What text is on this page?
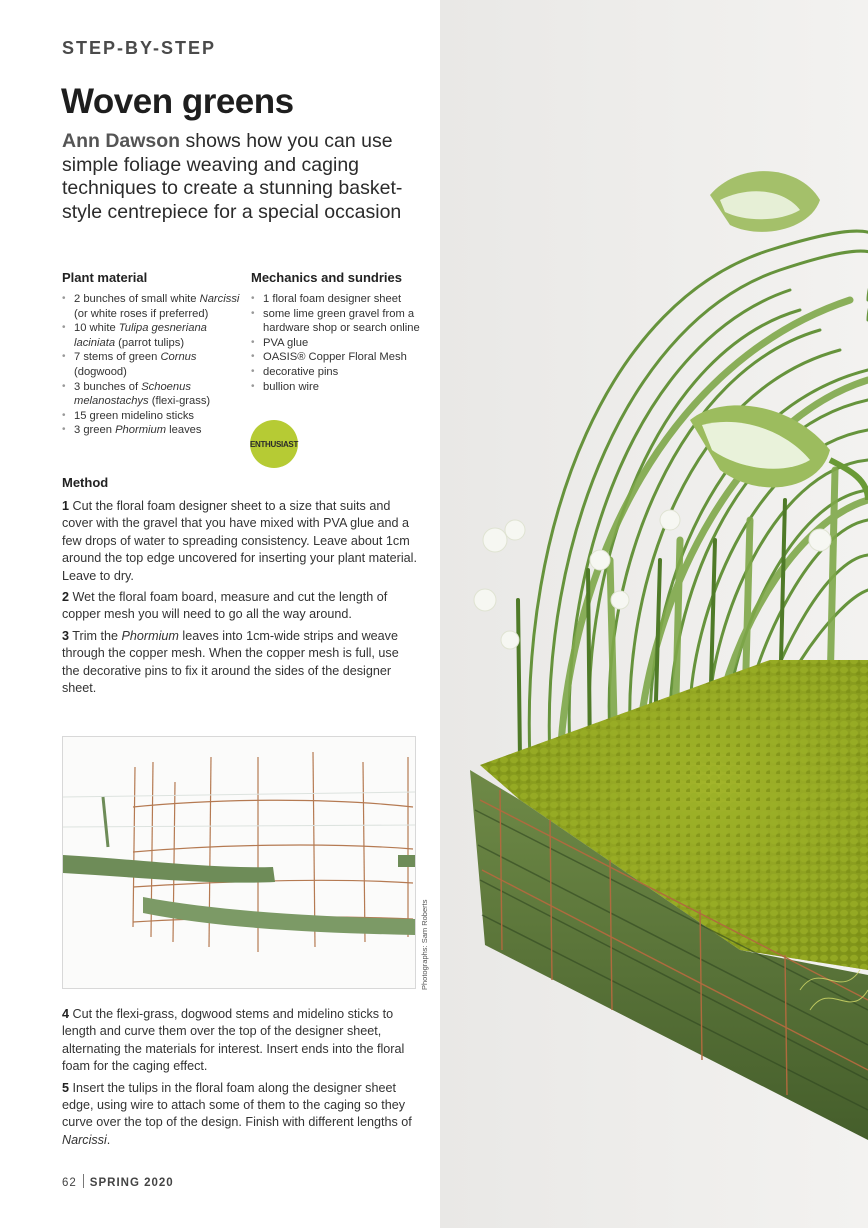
STEP-BY-STEP
Woven greens

Ann Dawson shows how you can use simple foliage weaving and caging techniques to create a stunning basket-style centrepiece for a special occasion

Plant material
• 2 bunches of small white Narcissi (or white roses if preferred)
• 10 white Tulipa gesneriana laciniata (parrot tulips)
• 7 stems of green Cornus (dogwood)
• 3 bunches of Schoenus melanostachys (flexi-grass)
• 15 green midelino sticks
• 3 green Phormium leaves
Mechanics and sundries
• 1 floral foam designer sheet
• some lime green gravel from a hardware shop or search online
• PVA glue
• OASIS® Copper Floral Mesh
• decorative pins
• bullion wire
ENTHUSIAST
Method

1 Cut the floral foam designer sheet to a size that suits and cover with the gravel that you have mixed with PVA glue and a few drops of water to spreading consistency. Leave about 1cm around the top edge uncovered for inserting your plant material. Leave to dry.

2 Wet the floral foam board, measure and cut the length of copper mesh you will need to go all the way around.

3 Trim the Phormium leaves into 1cm-wide strips and weave through the copper mesh. When the copper mesh is full, use the decorative pins to fix it around the sides of the designer sheet.

Photographs: Sam Roberts

4 Cut the flexi-grass, dogwood stems and midelino sticks to length and curve them over the top of the designer sheet, alternating the materials for interest. Insert ends into the floral foam for the caging effect.

5 Insert the tulips in the floral foam along the designer sheet edge, using wire to attach some of them to the caging so they curve over the top of the design. Finish with different lengths of Narcissi.

62 SPRING 2020
